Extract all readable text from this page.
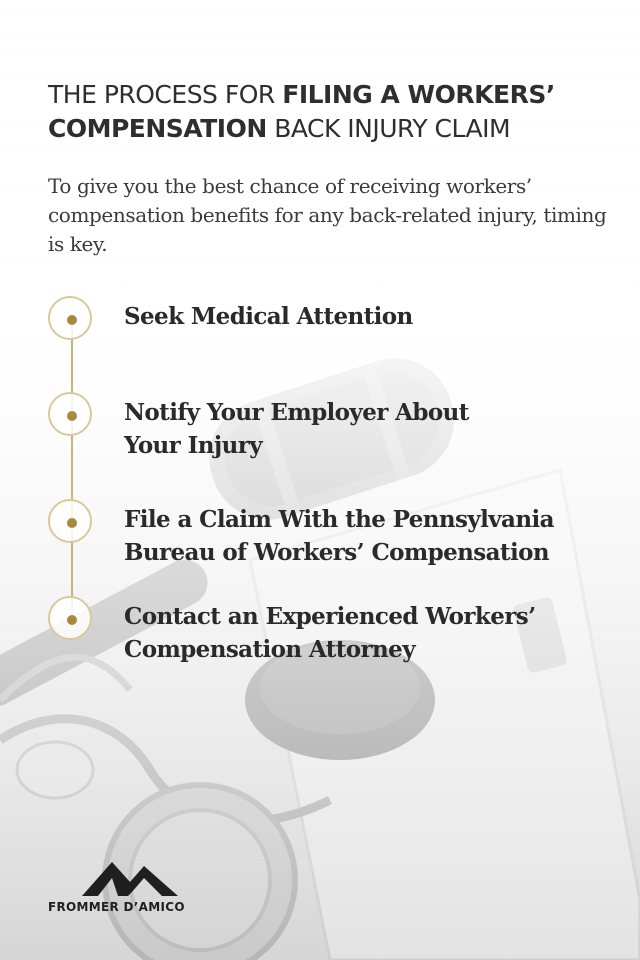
THE PROCESS FOR FILING A WORKERS’ COMPENSATION BACK INJURY CLAIM

To give you the best chance of receiving workers’ compensation benefits for any back-related injury, timing is key.

Seek Medical Attention
Notify Your Employer About
Your Injury
File a Claim With the Pennsylvania
Bureau of Workers’ Compensation
Contact an Experienced Workers’
Compensation Attorney
FROMMER D’AMICO
